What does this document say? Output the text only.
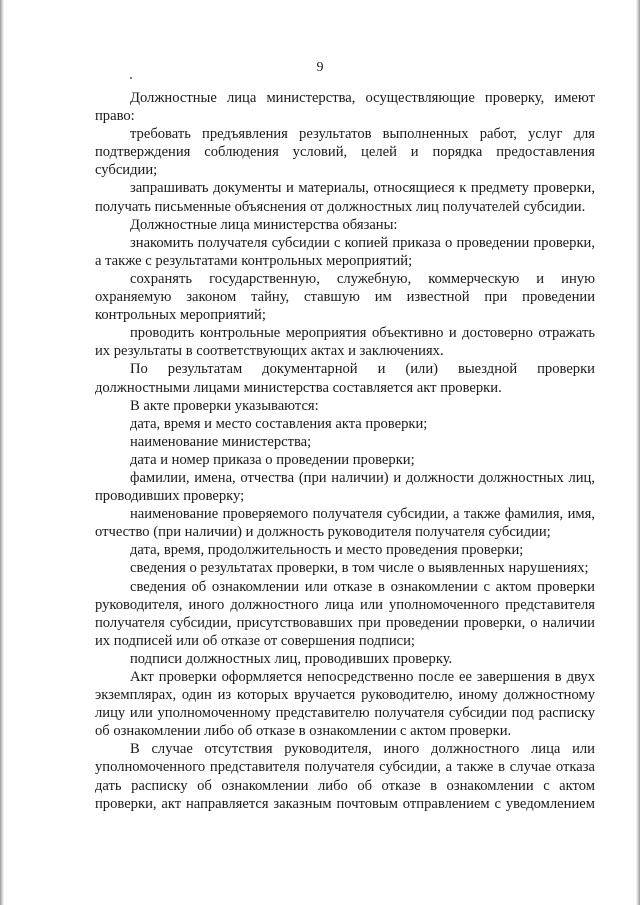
9

Должностные лица министерства, осуществляющие проверку, имеют право:

требовать предъявления результатов выполненных работ, услуг для подтверждения соблюдения условий, целей и порядка предоставления субсидии;

запрашивать документы и материалы, относящиеся к предмету проверки, получать письменные объяснения от должностных лиц получателей субсидии.

Должностные лица министерства обязаны:

знакомить получателя субсидии с копией приказа о проведении проверки, а также с результатами контрольных мероприятий;

сохранять государственную, служебную, коммерческую и иную охраняемую законом тайну, ставшую им известной при проведении контрольных мероприятий;

проводить контрольные мероприятия объективно и достоверно отражать их результаты в соответствующих актах и заключениях.

По результатам документарной и (или) выездной проверки должностными лицами министерства составляется акт проверки.

В акте проверки указываются:

дата, время и место составления акта проверки;

наименование министерства;

дата и номер приказа о проведении проверки;

фамилии, имена, отчества (при наличии) и должности должностных лиц, проводивших проверку;

наименование проверяемого получателя субсидии, а также фамилия, имя, отчество (при наличии) и должность руководителя получателя субсидии;

дата, время, продолжительность и место проведения проверки;

сведения о результатах проверки, в том числе о выявленных нарушениях;

сведения об ознакомлении или отказе в ознакомлении с актом проверки руководителя, иного должностного лица или уполномоченного представителя получателя субсидии, присутствовавших при проведении проверки, о наличии их подписей или об отказе от совершения подписи;

подписи должностных лиц, проводивших проверку.

Акт проверки оформляется непосредственно после ее завершения в двух экземплярах, один из которых вручается руководителю, иному должностному лицу или уполномоченному представителю получателя субсидии под расписку об ознакомлении либо об отказе в ознакомлении с актом проверки.

В случае отсутствия руководителя, иного должностного лица или уполномоченного представителя получателя субсидии, а также в случае отказа дать расписку об ознакомлении либо об отказе в ознакомлении с актом проверки, акт направляется заказным почтовым отправлением с уведомлением
